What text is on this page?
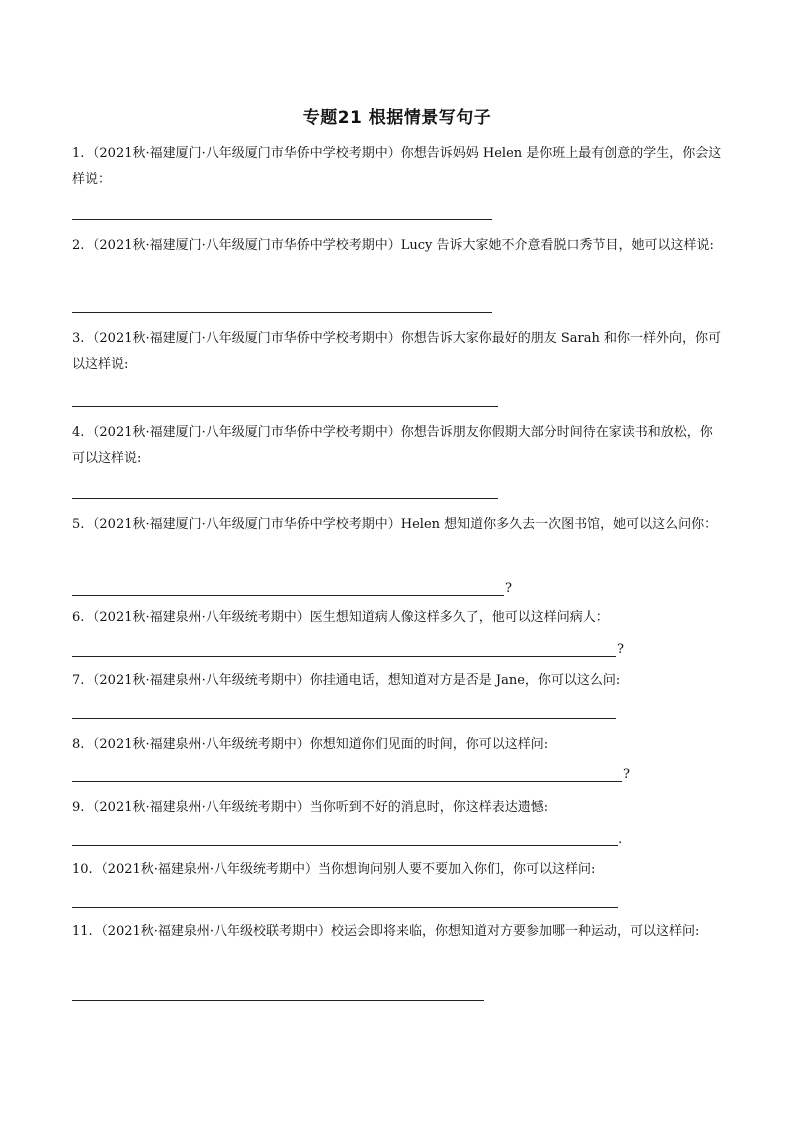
专题21 根据情景写句子
1. （2021秋·福建厦门·八年级厦门市华侨中学校考期中）你想告诉妈妈 Helen 是你班上最有创意的学生，你会这样说：
2. （2021秋·福建厦门·八年级厦门市华侨中学校考期中）Lucy 告诉大家她不介意看脱口秀节目，她可以这样说:
3. （2021秋·福建厦门·八年级厦门市华侨中学校考期中）你想告诉大家你最好的朋友 Sarah 和你一样外向，你可以这样说:
4. （2021秋·福建厦门·八年级厦门市华侨中学校考期中）你想告诉朋友你假期大部分时间待在家读书和放松，你可以这样说:
5. （2021秋·福建厦门·八年级厦门市华侨中学校考期中）Helen 想知道你多久去一次图书馆，她可以这么问你：
?
6. （2021秋·福建泉州·八年级统考期中）医生想知道病人像这样多久了，他可以这样问病人：
?
7. （2021秋·福建泉州·八年级统考期中）你挂通电话，想知道对方是否是 Jane，你可以这么问:
8. （2021秋·福建泉州·八年级统考期中）你想知道你们见面的时间，你可以这样问:
?
9. （2021秋·福建泉州·八年级统考期中）当你听到不好的消息时，你这样表达遗憾:
.
10. （2021秋·福建泉州·八年级统考期中）当你想询问别人要不要加入你们，你可以这样问:
11. （2021秋·福建泉州·八年级校联考期中）校运会即将来临，你想知道对方要参加哪一种运动，可以这样问:
